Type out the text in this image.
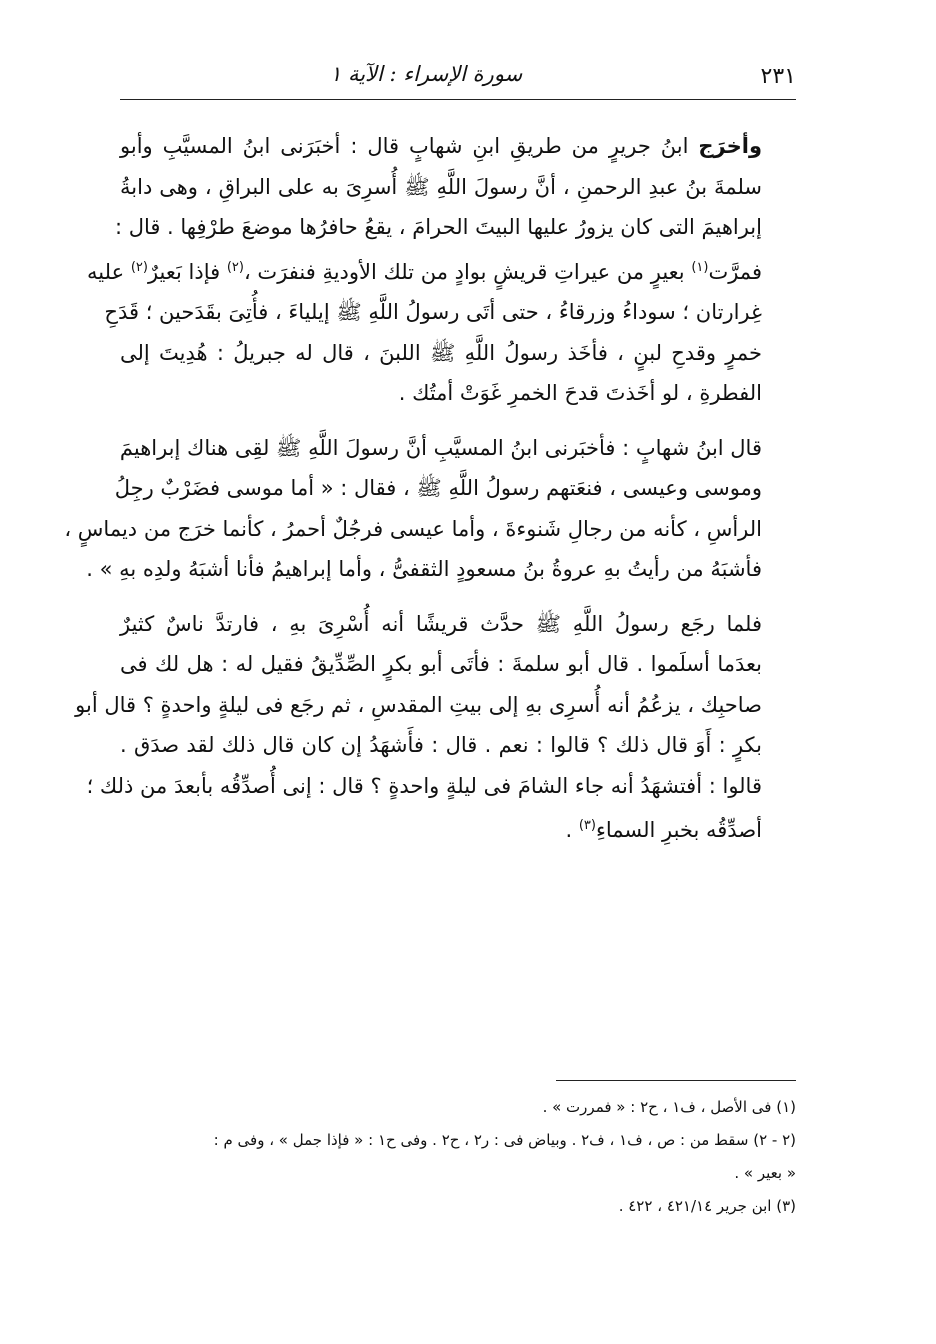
٢٣١
سورة الإسراء : الآية ١
وأخرَج ابنُ جريرٍ من طريقِ ابنِ شهابٍ قال : أخبَرَنى ابنُ المسيَّبِ وأبو
سلمةَ بنُ عبدِ الرحمنِ ، أنَّ رسولَ اللَّهِ ﷺ أُسرِىَ به على البراقِ ، وهى دابةُ
إبراهيمَ التى كان يزورُ عليها البيتَ الحرامَ ، يقعُ حافرُها موضعَ طرْفِها . قال :
فمرَّت$^{(١)}$ بعيرٍ من عيراتِ قريشٍ بوادٍ من تلك الأوديةِ فنفرَت ،$^{(٢)}$ فإذا بَعيرٌ$^{(٢)}$ عليه
غِرارتان ؛ سوداءُ وزرقاءُ ، حتى أتَى رسولُ اللَّهِ ﷺ إيلياءَ ، فأُتِىَ بقَدَحين ؛ قَدَحِ
خمرٍ وقدحِ لبنٍ ، فأخَذ رسولُ اللَّهِ ﷺ اللبنَ ، قال له جبريلُ : هُدِيتَ إلى
الفطرةِ ، لو أخَذتَ قدحَ الخمرِ غَوَتْ أمتُك .
قال ابنُ شهابٍ : فأخبَرنى ابنُ المسيَّبِ أنَّ رسولَ اللَّهِ ﷺ لقِى هناك إبراهيمَ
وموسى وعيسى ، فنعَتهم رسولُ اللَّهِ ﷺ ، فقال : « أما موسى فضَرْبٌ رجِلُ
الرأسِ ، كأنه من رجالِ شَنوءةَ ، وأما عيسى فرجُلٌ أحمرُ ، كأنما خرَج من ديماسٍ ،
فأشبَهُ من رأيتُ بهِ عروةُ بنُ مسعودٍ الثقفىُّ ، وأما إبراهيمُ فأنا أشبَهُ ولدِه بهِ » .
فلما رجَع رسولُ اللَّهِ ﷺ حدَّث قريشًا أنه أُسْرِىَ بهِ ، فارتدَّ ناسٌ كثيرٌ
بعدَما أسلَموا . قال أبو سلمةَ : فأتَى أبو بكرٍ الصِّدِّيقُ فقيل له : هل لك فى
صاحبِك ، يزعُمُ أنه أُسرِى بهِ إلى بيتِ المقدسِ ، ثم رجَع فى ليلةٍ واحدةٍ ؟ قال أبو
بكرٍ : أَوَ قال ذلك ؟ قالوا : نعم . قال : فأَشهَدُ إن كان قال ذلك لقد صدَق .
قالوا : أفتشهَدُ أنه جاء الشامَ فى ليلةٍ واحدةٍ ؟ قال : إنى أُصدِّقُه بأبعدَ من ذلك ؛
أصدِّقُه بخبرِ السماءِ$^{(٣)}$ .

(١) فى الأصل ، ف١ ، ح٢ : « فمررت » .

(٢ - ٢) سقط من : ص ، ف١ ، ف٢ . وبياض فى : ر٢ ، ح٢ . وفى ح١ : « فإذا جمل » ، وفى م :

« بعير » .

(٣) ابن جرير ٤٢١/١٤ ، ٤٢٢ .
